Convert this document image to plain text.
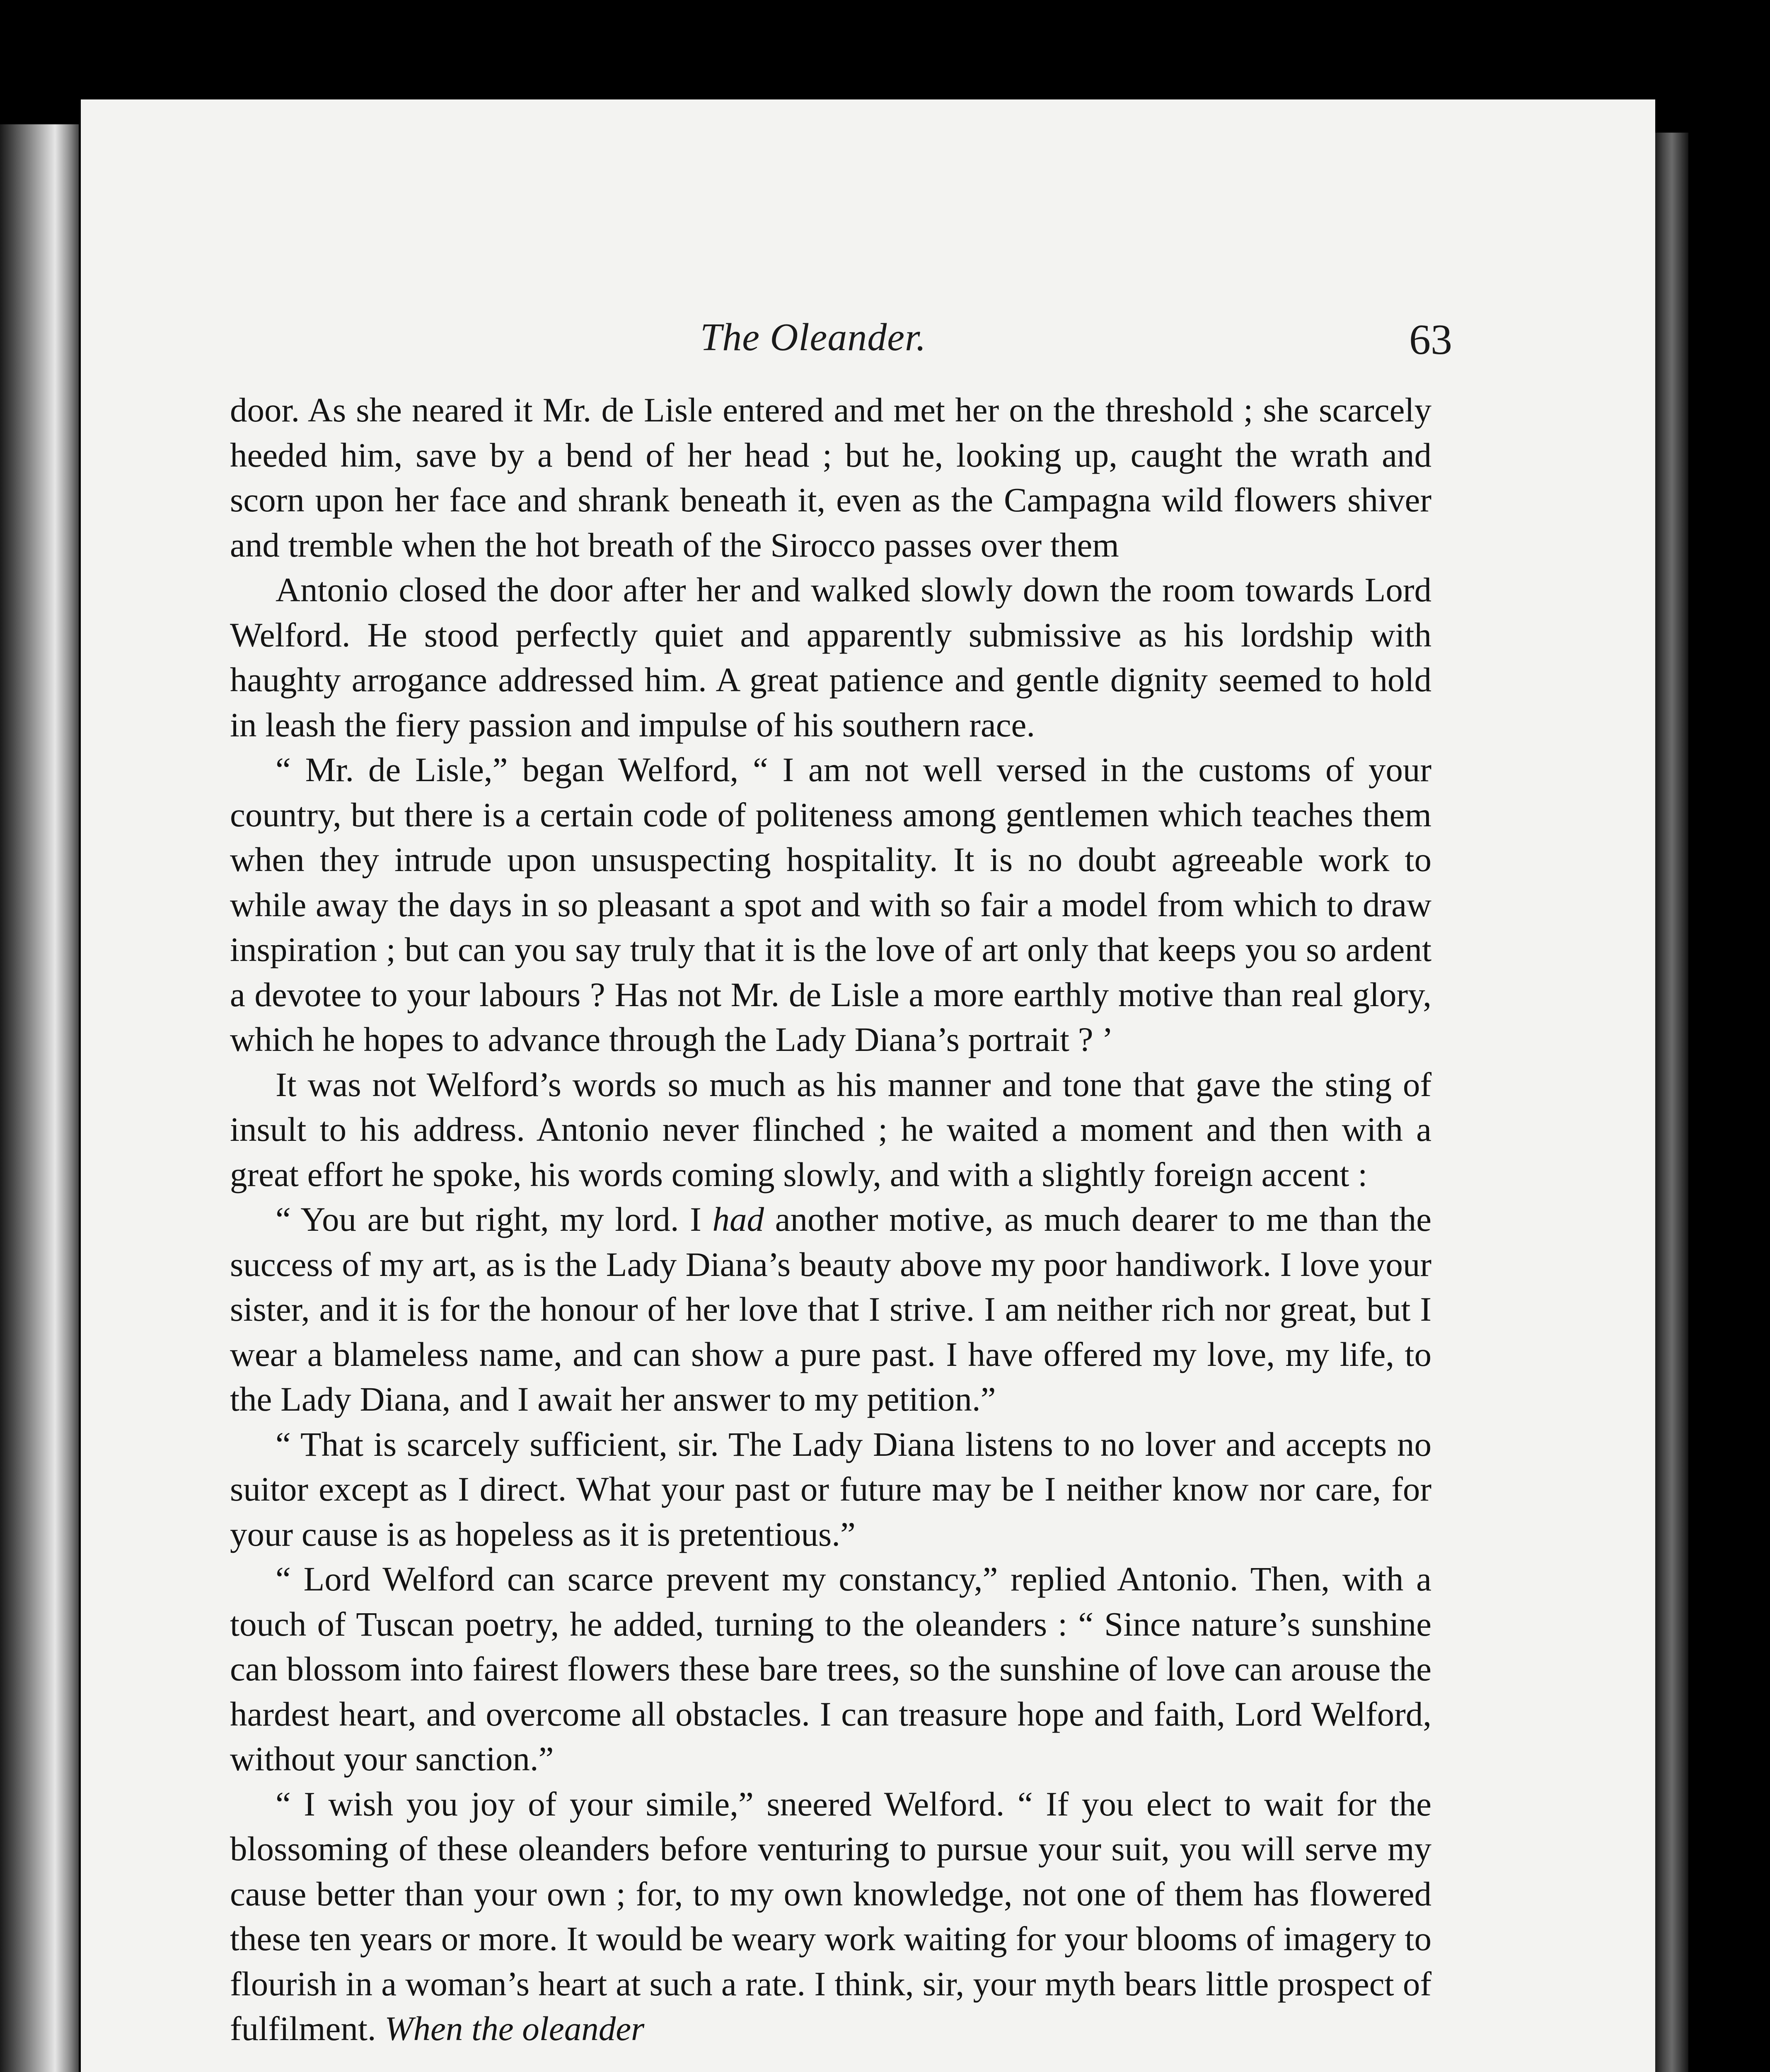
The Oleander.	63

door. As she neared it Mr. de Lisle entered and met her on the threshold ; she scarcely heeded him, save by a bend of her head ; but he, looking up, caught the wrath and scorn upon her face and shrank beneath it, even as the Campagna wild flowers shiver and tremble when the hot breath of the Sirocco passes over them

Antonio closed the door after her and walked slowly down the room towards Lord Welford. He stood perfectly quiet and apparently submissive as his lordship with haughty arrogance addressed him. A great patience and gentle dignity seemed to hold in leash the fiery passion and impulse of his southern race.

“ Mr. de Lisle,” began Welford, “ I am not well versed in the customs of your country, but there is a certain code of politeness among gentlemen which teaches them when they intrude upon unsuspecting hospitality. It is no doubt agreeable work to while away the days in so pleasant a spot and with so fair a model from which to draw inspiration ; but can you say truly that it is the love of art only that keeps you so ardent a devotee to your labours ? Has not Mr. de Lisle a more earthly motive than real glory, which he hopes to advance through the Lady Diana’s portrait ? ’

It was not Welford’s words so much as his manner and tone that gave the sting of insult to his address. Antonio never flinched ; he waited a moment and then with a great effort he spoke, his words coming slowly, and with a slightly foreign accent :

“ You are but right, my lord. I had another motive, as much dearer to me than the success of my art, as is the Lady Diana’s beauty above my poor handiwork. I love your sister, and it is for the honour of her love that I strive. I am neither rich nor great, but I wear a blameless name, and can show a pure past. I have offered my love, my life, to the Lady Diana, and I await her answer to my petition.”

“ That is scarcely sufficient, sir. The Lady Diana listens to no lover and accepts no suitor except as I direct. What your past or future may be I neither know nor care, for your cause is as hopeless as it is pretentious.”

“ Lord Welford can scarce prevent my constancy,” replied Antonio. Then, with a touch of Tuscan poetry, he added, turning to the oleanders : “ Since nature’s sunshine can blossom into fairest flowers these bare trees, so the sunshine of love can arouse the hardest heart, and overcome all obstacles. I can treasure hope and faith, Lord Welford, without your sanction.”

“ I wish you joy of your simile,” sneered Welford. “ If you elect to wait for the blossoming of these oleanders before venturing to pursue your suit, you will serve my cause better than your own ; for, to my own knowledge, not one of them has flowered these ten years or more. It would be weary work waiting for your blooms of imagery to flourish in a woman’s heart at such a rate. I think, sir, your myth bears little prospect of fulfilment. When the oleander
